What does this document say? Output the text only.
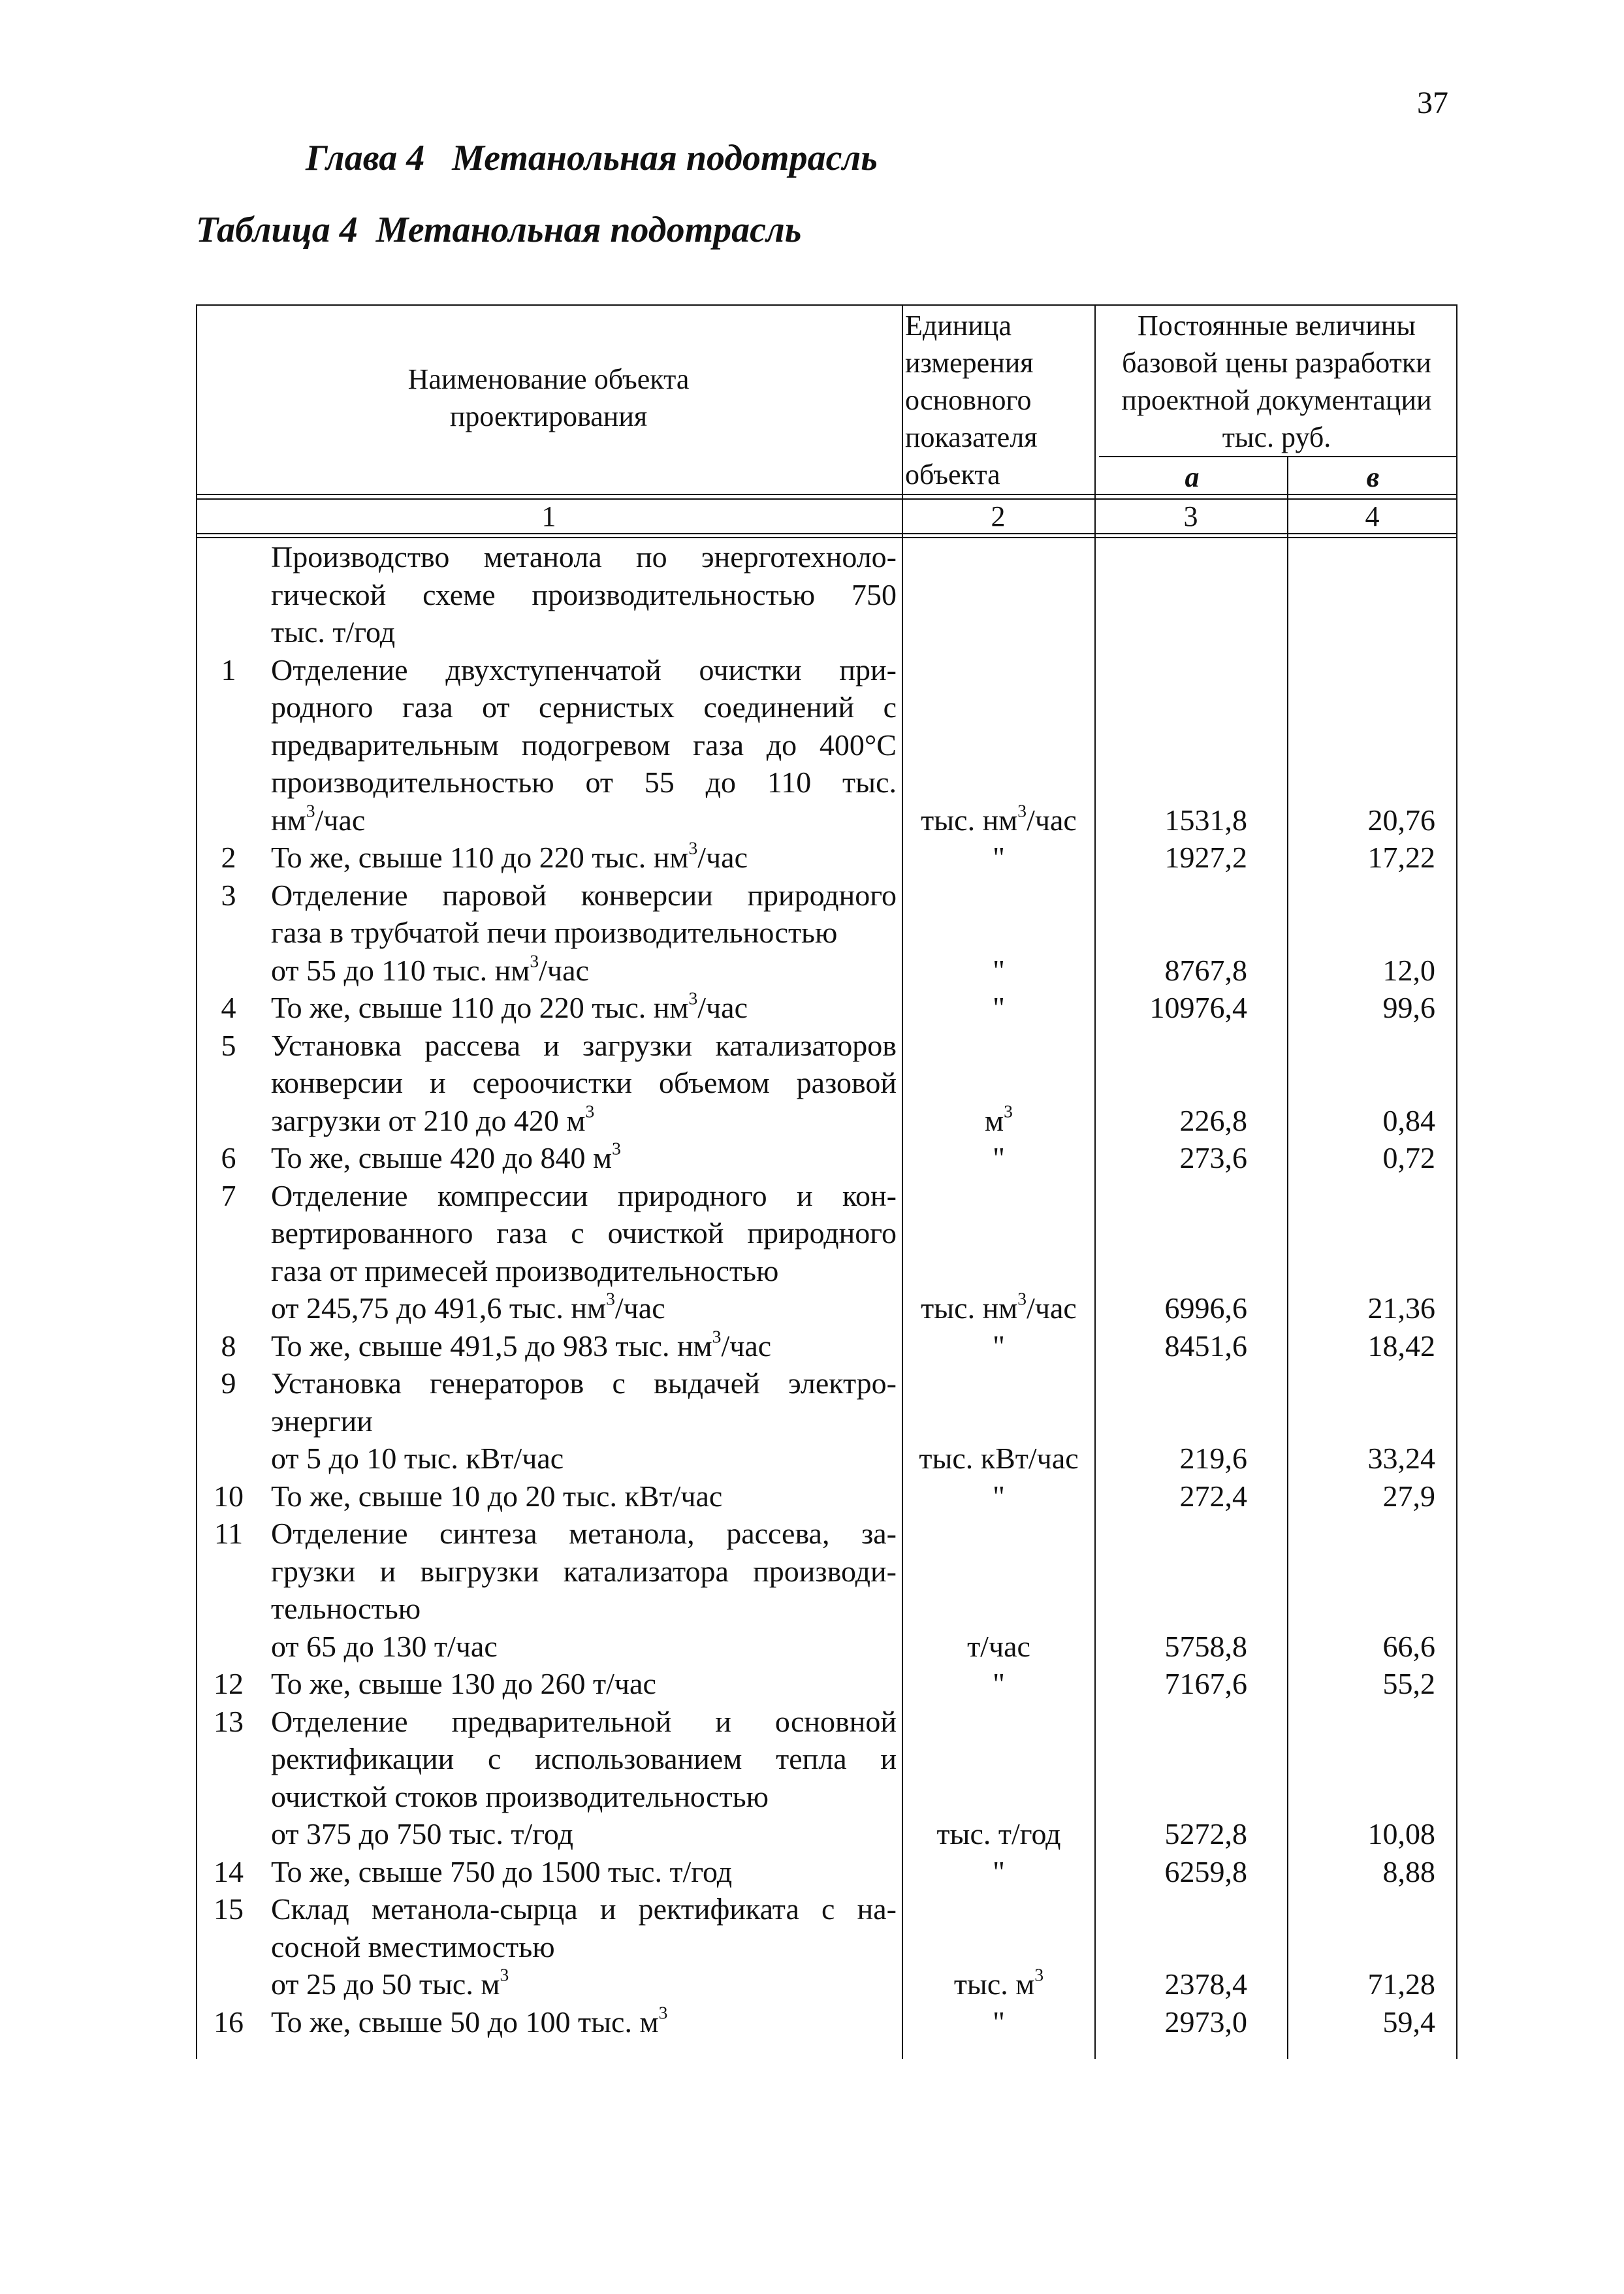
37
Глава 4   Метанольная подотрасль
Таблица 4  Метанольная подотрасль
Наименование объекта проектирования
Единица
измерения
основного
показателя
объекта
Постоянные величины
базовой цены разработки
проектной документации
тыс. руб.
а	в
1	2	3	4
Производство метанола по энерготехноло-
гической схеме производительностью 750
тыс. т/год
1	Отделение двухступенчатой очистки при-
родного газа от сернистых соединений с
предварительным подогревом газа до 400°С
производительностью от 55 до 110 тыс.
$нм^3$/час	тыс. $нм^3$/час	1531,8	20,76
2	То же, свыше 110 до 220 тыс. $нм^3$/час	"	1927,2	17,22
3	Отделение паровой конверсии природного
газа в трубчатой печи производительностью
от 55 до 110 тыс. $нм^3$/час	"	8767,8	12,0
4	То же, свыше 110 до 220 тыс. $нм^3$/час	"	10976,4	99,6
5	Установка рассева и загрузки катализаторов
конверсии и сероочистки объемом разовой
загрузки от 210 до 420 $м^3$	$м^3$	226,8	0,84
6	То же, свыше 420 до 840 $м^3$	"	273,6	0,72
7	Отделение компрессии природного и кон-
вертированного газа с очисткой природного
газа от примесей производительностью
от 245,75 до 491,6 тыс. $нм^3$/час	тыс. $нм^3$/час	6996,6	21,36
8	То же, свыше 491,5 до 983 тыс. $нм^3$/час	"	8451,6	18,42
9	Установка генераторов с выдачей электро-
энергии
от 5 до 10 тыс. кВт/час	тыс. кВт/час	219,6	33,24
10 То же, свыше 10 до 20 тыс. кВт/час	"	272,4	27,9
11 Отделение синтеза метанола, рассева, за-
грузки и выгрузки катализатора производи-
тельностью
от 65 до 130 т/час	т/час	5758,8	66,6
12 То же, свыше 130 до 260 т/час	"	7167,6	55,2
13 Отделение предварительной и основной
ректификации с использованием тепла и
очисткой стоков производительностью
от 375 до 750 тыс. т/год	тыс. т/год	5272,8	10,08
14 То же, свыше 750 до 1500 тыс. т/год	"	6259,8	8,88
15 Склад метанола-сырца и ректификата с на-
сосной вместимостью
от 25 до 50 тыс. $м^3$	тыс. $м^3$	2378,4	71,28
16 То же, свыше 50 до 100 тыс. $м^3$	"	2973,0	59,4
